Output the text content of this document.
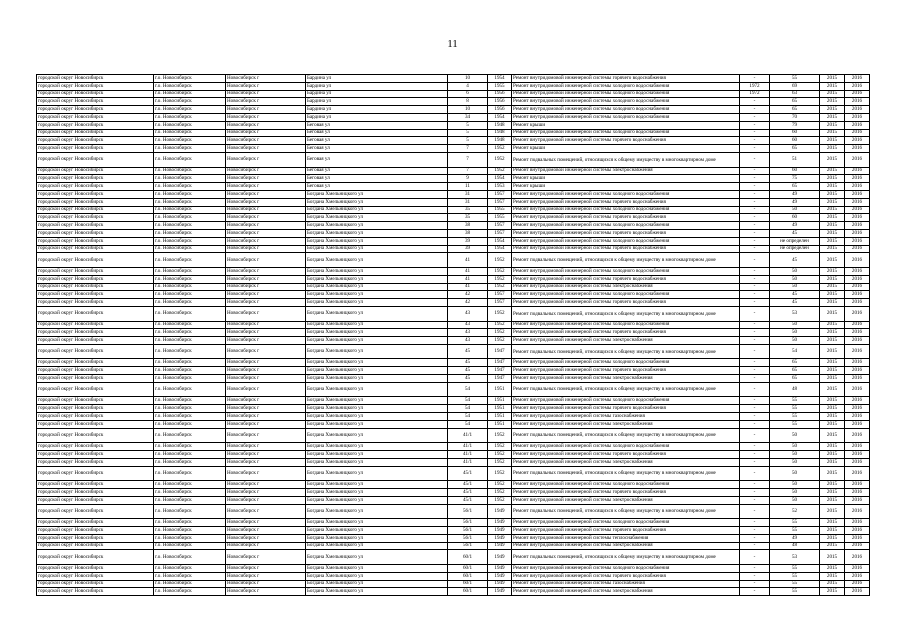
11
городской округ Новосибирск	г.о. Новосибирск	Новосибирск г	Бардина ул	10	1954	Ремонт внутридомовой инженерной системы горячего водоснабжения	-	55	2015	2016
городской округ Новосибирск	г.о. Новосибирск	Новосибирск г	Бардина ул	4	1955	Ремонт внутридомовой инженерной системы холодного водоснабжения	1972	69	2015	2016
городской округ Новосибирск	г.о. Новосибирск	Новосибирск г	Бардина ул	6	1956	Ремонт внутридомовой инженерной системы холодного водоснабжения	1972	63	2015	2016
городской округ Новосибирск	г.о. Новосибирск	Новосибирск г	Бардина ул	8	1956	Ремонт внутридомовой инженерной системы холодного водоснабжения	-	65	2015	2016
городской округ Новосибирск	г.о. Новосибирск	Новосибирск г	Бардина ул	10	1956	Ремонт внутридомовой инженерной системы холодного водоснабжения	-	65	2015	2016
городской округ Новосибирск	г.о. Новосибирск	Новосибирск г	Бардина ул	34	1954	Ремонт внутридомовой инженерной системы холодного водоснабжения	-	70	2015	2016
городской округ Новосибирск	г.о. Новосибирск	Новосибирск г	Беговая ул	5	1948	Ремонт крыши	-	79	2015	2016
городской округ Новосибирск	г.о. Новосибирск	Новосибирск г	Беговая ул	5	1948	Ремонт внутридомовой инженерной системы холодного водоснабжения	-	60	2015	2016
городской округ Новосибирск	г.о. Новосибирск	Новосибирск г	Беговая ул	5	1948	Ремонт внутридомовой инженерной системы горячего водоснабжения	-	60	2015	2016
городской округ Новосибирск	г.о. Новосибирск	Новосибирск г	Беговая ул	7	1952	Ремонт крыши	-	65	2015	2016
городской округ Новосибирск	г.о. Новосибирск	Новосибирск г	Беговая ул	7	1952	Ремонт подвальных помещений, относящихся к общему имуществу в многоквартирном доме	-	51	2015	2016
городской округ Новосибирск	г.о. Новосибирск	Новосибирск г	Беговая ул	7	1952	Ремонт внутридомовой инженерной системы электроснабжения	-	60	2015	2016
городской округ Новосибирск	г.о. Новосибирск	Новосибирск г	Беговая ул	9	1954	Ремонт крыши	-	75	2015	2016
городской округ Новосибирск	г.о. Новосибирск	Новосибирск г	Беговая ул	11	1953	Ремонт крыши	-	65	2015	2016
городской округ Новосибирск	г.о. Новосибирск	Новосибирск г	Богдана Хмельницкого ул	31	1957	Ремонт внутридомовой инженерной системы холодного водоснабжения	-	49	2015	2016
городской округ Новосибирск	г.о. Новосибирск	Новосибирск г	Богдана Хмельницкого ул	31	1957	Ремонт внутридомовой инженерной системы горячего водоснабжения	-	49	2015	2016
городской округ Новосибирск	г.о. Новосибирск	Новосибирск г	Богдана Хмельницкого ул	35	1955	Ремонт внутридомовой инженерной системы холодного водоснабжения	-	50	2015	2016
городской округ Новосибирск	г.о. Новосибирск	Новосибирск г	Богдана Хмельницкого ул	35	1955	Ремонт внутридомовой инженерной системы горячего водоснабжения	-	60	2015	2016
городской округ Новосибирск	г.о. Новосибирск	Новосибирск г	Богдана Хмельницкого ул	38	1957	Ремонт внутридомовой инженерной системы холодного водоснабжения	-	49	2015	2016
городской округ Новосибирск	г.о. Новосибирск	Новосибирск г	Богдана Хмельницкого ул	38	1957	Ремонт внутридомовой инженерной системы горячего водоснабжения	-	45	2015	2016
городской округ Новосибирск	г.о. Новосибирск	Новосибирск г	Богдана Хмельницкого ул	39	1954	Ремонт внутридомовой инженерной системы холодного водоснабжения	-	не определен	2015	2016
городской округ Новосибирск	г.о. Новосибирск	Новосибирск г	Богдана Хмельницкого ул	39	1954	Ремонт внутридомовой инженерной системы горячего водоснабжения	-	не определен	2015	2016
городской округ Новосибирск	г.о. Новосибирск	Новосибирск г	Богдана Хмельницкого ул	41	1952	Ремонт подвальных помещений, относящихся к общему имуществу в многоквартирном доме	-	45	2015	2016
городской округ Новосибирск	г.о. Новосибирск	Новосибирск г	Богдана Хмельницкого ул	41	1952	Ремонт внутридомовой инженерной системы холодного водоснабжения	-	50	2015	2016
городской округ Новосибирск	г.о. Новосибирск	Новосибирск г	Богдана Хмельницкого ул	41	1952	Ремонт внутридомовой инженерной системы горячего водоснабжения	-	50	2015	2016
городской округ Новосибирск	г.о. Новосибирск	Новосибирск г	Богдана Хмельницкого ул	41	1952	Ремонт внутридомовой инженерной системы электроснабжения	-	50	2015	2016
городской округ Новосибирск	г.о. Новосибирск	Новосибирск г	Богдана Хмельницкого ул	42	1957	Ремонт внутридомовой инженерной системы холодного водоснабжения	-	45	2015	2016
городской округ Новосибирск	г.о. Новосибирск	Новосибирск г	Богдана Хмельницкого ул	42	1957	Ремонт внутридомовой инженерной системы горячего водоснабжения	-	45	2015	2016
городской округ Новосибирск	г.о. Новосибирск	Новосибирск г	Богдана Хмельницкого ул	43	1952	Ремонт подвальных помещений, относящихся к общему имуществу в многоквартирном доме	-	53	2015	2016
городской округ Новосибирск	г.о. Новосибирск	Новосибирск г	Богдана Хмельницкого ул	43	1952	Ремонт внутридомовой инженерной системы холодного водоснабжения	-	50	2015	2016
городской округ Новосибирск	г.о. Новосибирск	Новосибирск г	Богдана Хмельницкого ул	43	1952	Ремонт внутридомовой инженерной системы горячего водоснабжения	-	50	2015	2016
городской округ Новосибирск	г.о. Новосибирск	Новосибирск г	Богдана Хмельницкого ул	43	1952	Ремонт внутридомовой инженерной системы электроснабжения	-	50	2015	2016
городской округ Новосибирск	г.о. Новосибирск	Новосибирск г	Богдана Хмельницкого ул	45	1947	Ремонт подвальных помещений, относящихся к общему имуществу в многоквартирном доме	-	54	2015	2016
городской округ Новосибирск	г.о. Новосибирск	Новосибирск г	Богдана Хмельницкого ул	45	1947	Ремонт внутридомовой инженерной системы холодного водоснабжения	-	65	2015	2016
городской округ Новосибирск	г.о. Новосибирск	Новосибирск г	Богдана Хмельницкого ул	45	1947	Ремонт внутридомовой инженерной системы горячего водоснабжения	-	65	2015	2016
городской округ Новосибирск	г.о. Новосибирск	Новосибирск г	Богдана Хмельницкого ул	45	1947	Ремонт внутридомовой инженерной системы электроснабжения	-	65	2015	2016
городской округ Новосибирск	г.о. Новосибирск	Новосибирск г	Богдана Хмельницкого ул	54	1951	Ремонт подвальных помещений, относящихся к общему имуществу в многоквартирном доме	-	48	2015	2016
городской округ Новосибирск	г.о. Новосибирск	Новосибирск г	Богдана Хмельницкого ул	54	1951	Ремонт внутридомовой инженерной системы холодного водоснабжения	-	55	2015	2016
городской округ Новосибирск	г.о. Новосибирск	Новосибирск г	Богдана Хмельницкого ул	54	1951	Ремонт внутридомовой инженерной системы горячего водоснабжения	-	55	2015	2016
городской округ Новосибирск	г.о. Новосибирск	Новосибирск г	Богдана Хмельницкого ул	54	1951	Ремонт внутридомовой инженерной системы газоснабжения	-	55	2015	2016
городской округ Новосибирск	г.о. Новосибирск	Новосибирск г	Богдана Хмельницкого ул	54	1951	Ремонт внутридомовой инженерной системы электроснабжения	-	55	2015	2016
городской округ Новосибирск	г.о. Новосибирск	Новосибирск г	Богдана Хмельницкого ул	41/1	1952	Ремонт подвальных помещений, относящихся к общему имуществу в многоквартирном доме	-	50	2015	2016
городской округ Новосибирск	г.о. Новосибирск	Новосибирск г	Богдана Хмельницкого ул	41/1	1952	Ремонт внутридомовой инженерной системы холодного водоснабжения	-	50	2015	2016
городской округ Новосибирск	г.о. Новосибирск	Новосибирск г	Богдана Хмельницкого ул	41/1	1952	Ремонт внутридомовой инженерной системы горячего водоснабжения	-	50	2015	2016
городской округ Новосибирск	г.о. Новосибирск	Новосибирск г	Богдана Хмельницкого ул	41/1	1952	Ремонт внутридомовой инженерной системы электроснабжения	-	50	2015	2016
городской округ Новосибирск	г.о. Новосибирск	Новосибирск г	Богдана Хмельницкого ул	45/1	1952	Ремонт подвальных помещений, относящихся к общему имуществу в многоквартирном доме	-	50	2015	2016
городской округ Новосибирск	г.о. Новосибирск	Новосибирск г	Богдана Хмельницкого ул	45/1	1952	Ремонт внутридомовой инженерной системы холодного водоснабжения	-	50	2015	2016
городской округ Новосибирск	г.о. Новосибирск	Новосибирск г	Богдана Хмельницкого ул	45/1	1952	Ремонт внутридомовой инженерной системы горячего водоснабжения	-	50	2015	2016
городской округ Новосибирск	г.о. Новосибирск	Новосибирск г	Богдана Хмельницкого ул	45/1	1952	Ремонт внутридомовой инженерной системы электроснабжения	-	50	2015	2016
городской округ Новосибирск	г.о. Новосибирск	Новосибирск г	Богдана Хмельницкого ул	56/1	1949	Ремонт подвальных помещений, относящихся к общему имуществу в многоквартирном доме	-	52	2015	2016
городской округ Новосибирск	г.о. Новосибирск	Новосибирск г	Богдана Хмельницкого ул	56/1	1949	Ремонт внутридомовой инженерной системы холодного водоснабжения	-	55	2015	2016
городской округ Новосибирск	г.о. Новосибирск	Новосибирск г	Богдана Хмельницкого ул	56/1	1949	Ремонт внутридомовой инженерной системы горячего водоснабжения	-	55	2015	2016
городской округ Новосибирск	г.о. Новосибирск	Новосибирск г	Богдана Хмельницкого ул	56/1	1949	Ремонт внутридомовой инженерной системы теплоснабжения	-	49	2015	2016
городской округ Новосибирск	г.о. Новосибирск	Новосибирск г	Богдана Хмельницкого ул	56/1	1949	Ремонт внутридомовой инженерной системы электроснабжения	-	48	2015	2016
городской округ Новосибирск	г.о. Новосибирск	Новосибирск г	Богдана Хмельницкого ул	60/1	1949	Ремонт подвальных помещений, относящихся к общему имуществу в многоквартирном доме	-	53	2015	2016
городской округ Новосибирск	г.о. Новосибирск	Новосибирск г	Богдана Хмельницкого ул	60/1	1949	Ремонт внутридомовой инженерной системы холодного водоснабжения	-	55	2015	2016
городской округ Новосибирск	г.о. Новосибирск	Новосибирск г	Богдана Хмельницкого ул	60/1	1949	Ремонт внутридомовой инженерной системы горячего водоснабжения	-	55	2015	2016
городской округ Новосибирск	г.о. Новосибирск	Новосибирск г	Богдана Хмельницкого ул	60/1	1949	Ремонт внутридомовой инженерной системы газоснабжения	-	55	2015	2016
городской округ Новосибирск	г.о. Новосибирск	Новосибирск г	Богдана Хмельницкого ул	60/1	1949	Ремонт внутридомовой инженерной системы электроснабжения	-	55	2015	2016
